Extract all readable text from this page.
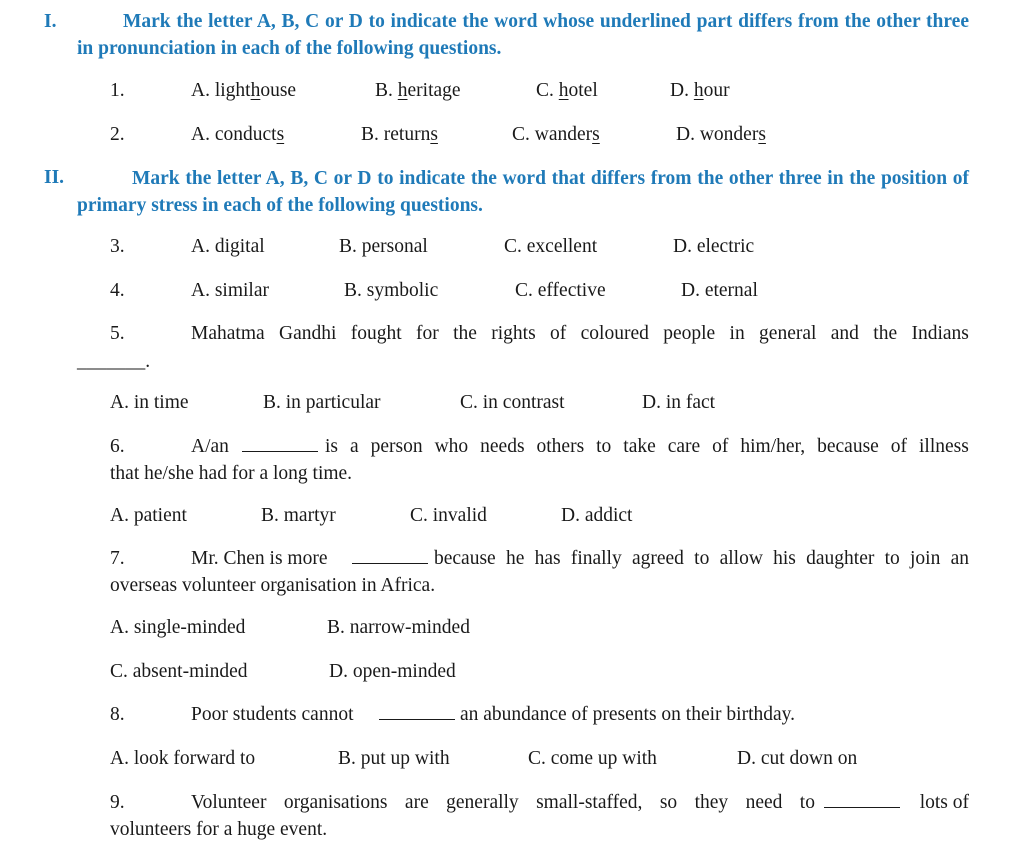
I.	Mark the letter A, B, C or D to indicate the word whose underlined part differs from the other three in pronunciation in each of the following questions.
1.	A. lighthouse	B. heritage	C. hotel	D. hour
2.	A. conducts	B. returns	C. wanders	D. wonders
II.	Mark the letter A, B, C or D to indicate the word that differs from the other three in the position of primary stress in each of the following questions.
3.	A. digital	B. personal	C. excellent	D. electric
4.	A. similar	B. symbolic	C. effective	D. eternal
5.	Mahatma Gandhi fought for the rights of coloured people in general and the Indians
_______.
A. in time	B. in particular	C. in contrast	D. in fact
6.	A/an	is a person who needs others to take care of him/her, because of illness
that he/she had for a long time.
A. patient	B. martyr	C. invalid	D. addict
7.	Mr. Chen is more	because he has finally agreed to allow his daughter to join an
overseas volunteer organisation in Africa.
A. single-minded	B. narrow-minded
C. absent-minded	D. open-minded
8.	Poor students cannot	an abundance of presents on their birthday.
A. look forward to	B. put up with	C. come up with	D. cut down on
9.	Volunteer organisations are generally small-staffed, so they need to	lots of
volunteers for a huge event.
